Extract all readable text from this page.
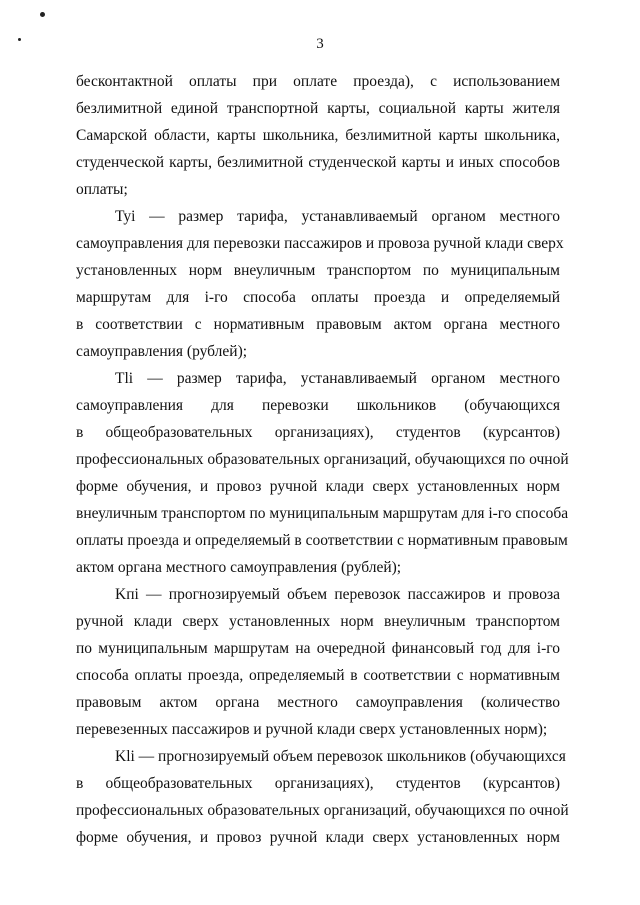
3
бесконтактной оплаты при оплате проезда), с использованием
безлимитной единой транспортной карты, социальной карты жителя
Самарской области, карты школьника, безлимитной карты школьника,
студенческой карты, безлимитной студенческой карты и иных способов
оплаты;
Tyi — размер тарифа, устанавливаемый органом местного
самоуправления для перевозки пассажиров и провоза ручной клади сверх
установленных норм внеуличным транспортом по муниципальным
маршрутам для i-го способа оплаты проезда и определяемый
в соответствии с нормативным правовым актом органа местного
самоуправления (рублей);
Tli — размер тарифа, устанавливаемый органом местного
самоуправления для перевозки школьников (обучающихся
в общеобразовательных организациях), студентов (курсантов)
профессиональных образовательных организаций, обучающихся по очной
форме обучения, и провоз ручной клади сверх установленных норм
внеуличным транспортом по муниципальным маршрутам для i-го способа
оплаты проезда и определяемый в соответствии с нормативным правовым
актом органа местного самоуправления (рублей);
Kпi — прогнозируемый объем перевозок пассажиров и провоза
ручной клади сверх установленных норм внеуличным транспортом
по муниципальным маршрутам на очередной финансовый год для i-го
способа оплаты проезда, определяемый в соответствии с нормативным
правовым актом органа местного самоуправления (количество
перевезенных пассажиров и ручной клади сверх установленных норм);
Kli — прогнозируемый объем перевозок школьников (обучающихся
в общеобразовательных организациях), студентов (курсантов)
профессиональных образовательных организаций, обучающихся по очной
форме обучения, и провоз ручной клади сверх установленных норм
